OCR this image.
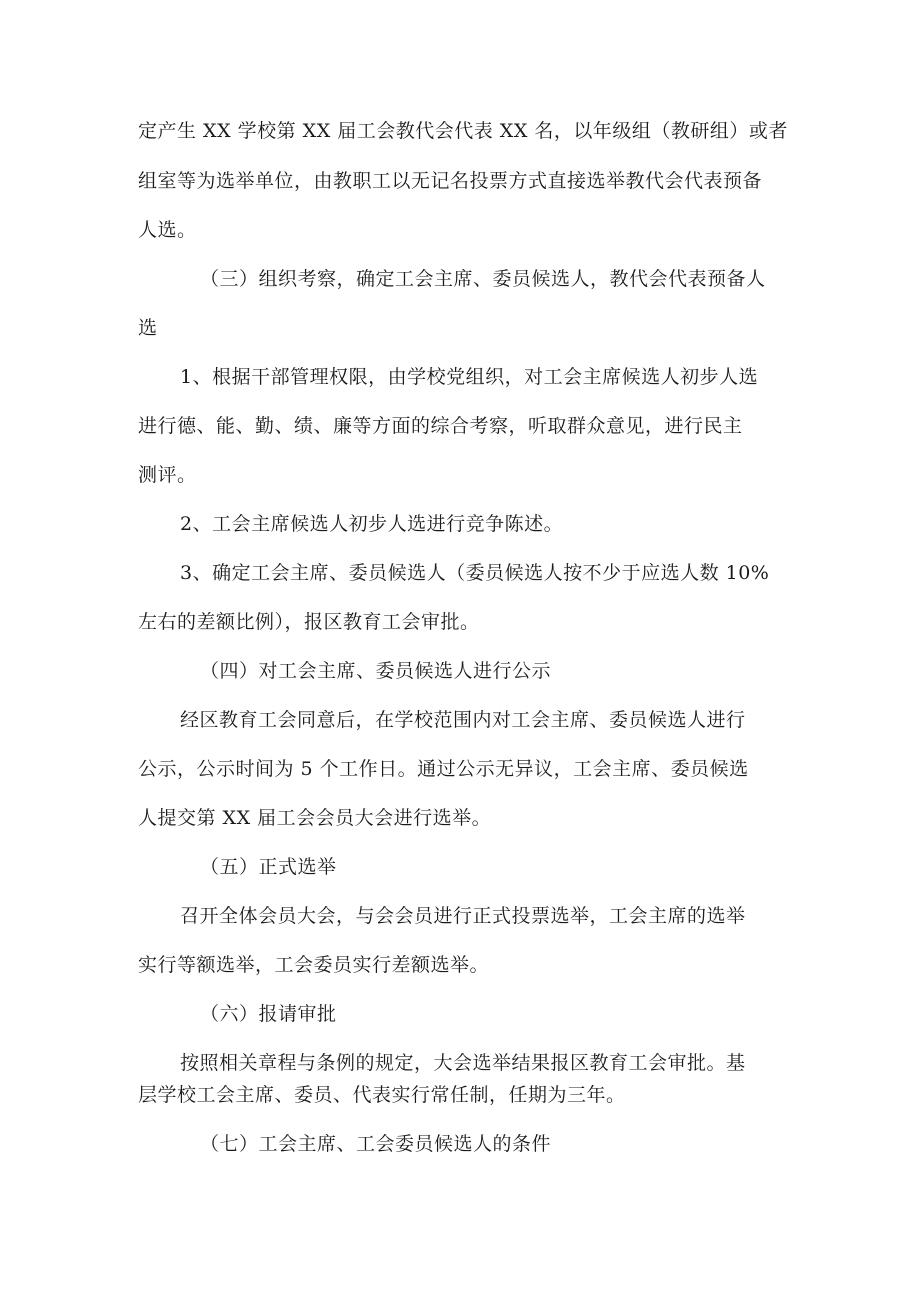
定产生 XX 学校第 XX 届工会教代会代表 XX 名，以年级组（教研组）或者
组室等为选举单位，由教职工以无记名投票方式直接选举教代会代表预备
人选。
（三）组织考察，确定工会主席、委员候选人，教代会代表预备人
选
1、根据干部管理权限，由学校党组织，对工会主席候选人初步人选
进行德、能、勤、绩、廉等方面的综合考察，听取群众意见，进行民主
测评。
2、工会主席候选人初步人选进行竞争陈述。
3、确定工会主席、委员候选人（委员候选人按不少于应选人数 10%
左右的差额比例），报区教育工会审批。
（四）对工会主席、委员候选人进行公示
经区教育工会同意后，在学校范围内对工会主席、委员候选人进行
公示，公示时间为 5 个工作日。通过公示无异议，工会主席、委员候选
人提交第 XX 届工会会员大会进行选举。
（五）正式选举
召开全体会员大会，与会会员进行正式投票选举，工会主席的选举
实行等额选举，工会委员实行差额选举。
（六）报请审批
按照相关章程与条例的规定，大会选举结果报区教育工会审批。基
层学校工会主席、委员、代表实行常任制，任期为三年。
（七）工会主席、工会委员候选人的条件
